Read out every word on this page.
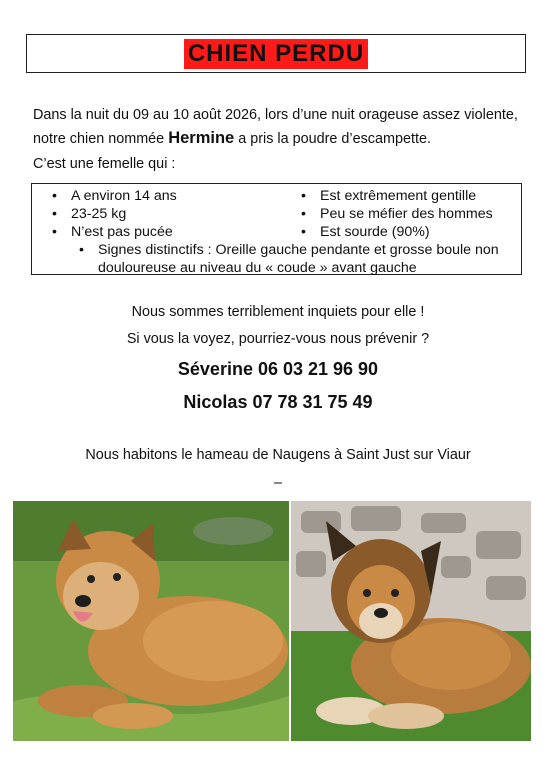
CHIEN PERDU
Dans la nuit du 09 au 10 août 2026, lors d’une nuit orageuse assez violente, notre chien nommée Hermine a pris la poudre d’escampette.
C’est une femelle qui :
• A environ 14 ans
• 23-25 kg
• N’est pas pucée
• Est extrêmement gentille
• Peu se méfier des hommes
• Est sourde (90%)
• Signes distinctifs : Oreille gauche pendante et grosse boule non douloureuse au niveau du « coude » avant gauche
Nous sommes terriblement inquiets pour elle !
Si vous la voyez, pourriez-vous nous prévenir ?
Séverine 06 03 21 96 90
Nicolas 07 78 31 75 49
Nous habitons le hameau de Naugens à Saint Just sur Viaur
–
